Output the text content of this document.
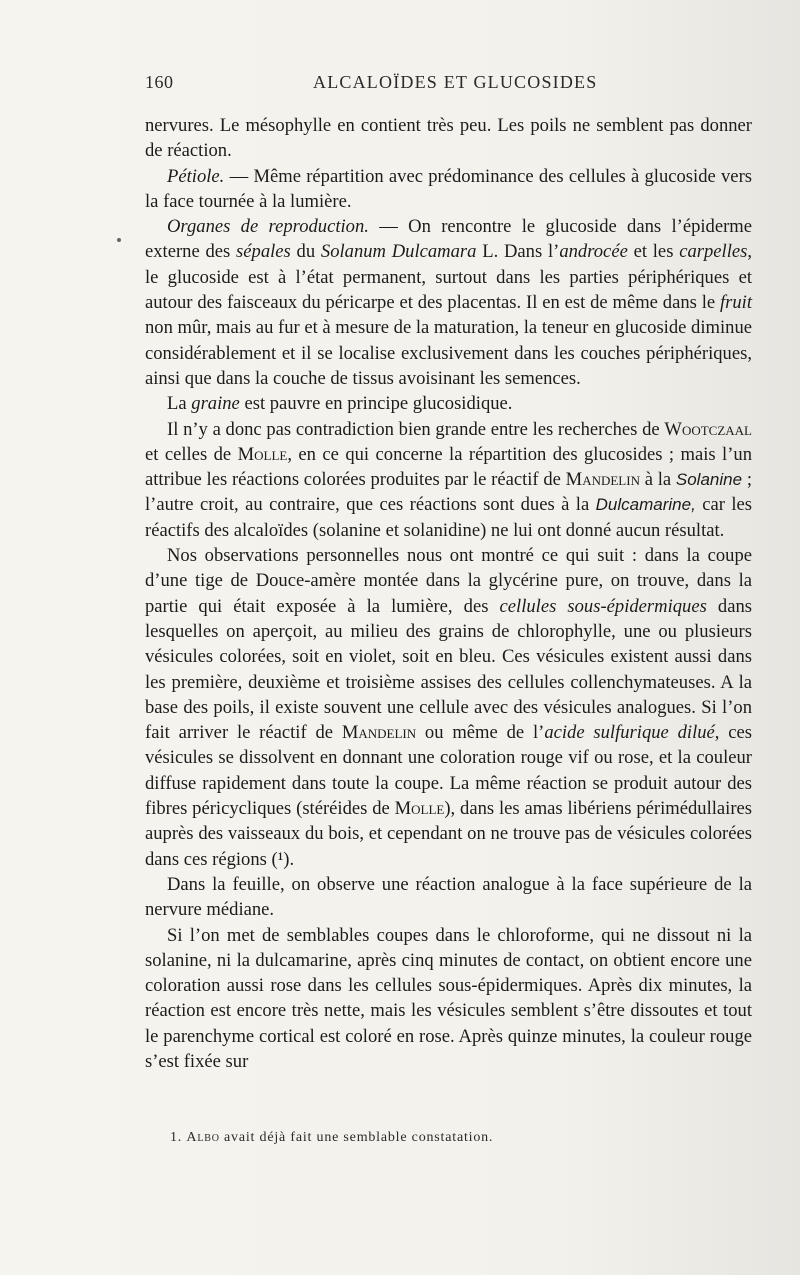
160	ALCALOÏDES ET GLUCOSIDES

nervures. Le mésophylle en contient très peu. Les poils ne semblent pas donner de réaction.

Pétiole. — Même répartition avec prédominance des cellules à glucoside vers la face tournée à la lumière.

Organes de reproduction. — On rencontre le glucoside dans l’épiderme externe des sépales du Solanum Dulcamara L. Dans l’androcée et les carpelles, le glucoside est à l’état permanent, surtout dans les parties périphériques et autour des faisceaux du péricarpe et des placentas. Il en est de même dans le fruit non mûr, mais au fur et à mesure de la maturation, la teneur en glucoside diminue considérablement et il se localise exclusivement dans les couches périphériques, ainsi que dans la couche de tissus avoisinant les semences.

La graine est pauvre en principe glucosidique.

Il n’y a donc pas contradiction bien grande entre les recherches de Wootczaal et celles de Molle, en ce qui concerne la répartition des glucosides ; mais l’un attribue les réactions colorées produites par le réactif de Mandelin à la Solanine ; l’autre croit, au contraire, que ces réactions sont dues à la Dulcamarine, car les réactifs des alcaloïdes (solanine et solanidine) ne lui ont donné aucun résultat.

Nos observations personnelles nous ont montré ce qui suit : dans la coupe d’une tige de Douce-amère montée dans la glycérine pure, on trouve, dans la partie qui était exposée à la lumière, des cellules sous-épidermiques dans lesquelles on aperçoit, au milieu des grains de chlorophylle, une ou plusieurs vésicules colorées, soit en violet, soit en bleu. Ces vésicules existent aussi dans les première, deuxième et troisième assises des cellules collenchymateuses. A la base des poils, il existe souvent une cellule avec des vésicules analogues. Si l’on fait arriver le réactif de Mandelin ou même de l’acide sulfurique dilué, ces vésicules se dissolvent en donnant une coloration rouge vif ou rose, et la couleur diffuse rapidement dans toute la coupe. La même réaction se produit autour des fibres péricycliques (stéréides de Molle), dans les amas libériens périmédullaires auprès des vaisseaux du bois, et cependant on ne trouve pas de vésicules colorées dans ces régions (¹).

Dans la feuille, on observe une réaction analogue à la face supérieure de la nervure médiane.

Si l’on met de semblables coupes dans le chloroforme, qui ne dissout ni la solanine, ni la dulcamarine, après cinq minutes de contact, on obtient encore une coloration aussi rose dans les cellules sous-épidermiques. Après dix minutes, la réaction est encore très nette, mais les vésicules semblent s’être dissoutes et tout le parenchyme cortical est coloré en rose. Après quinze minutes, la couleur rouge s’est fixée sur

1. Albo avait déjà fait une semblable constatation.
